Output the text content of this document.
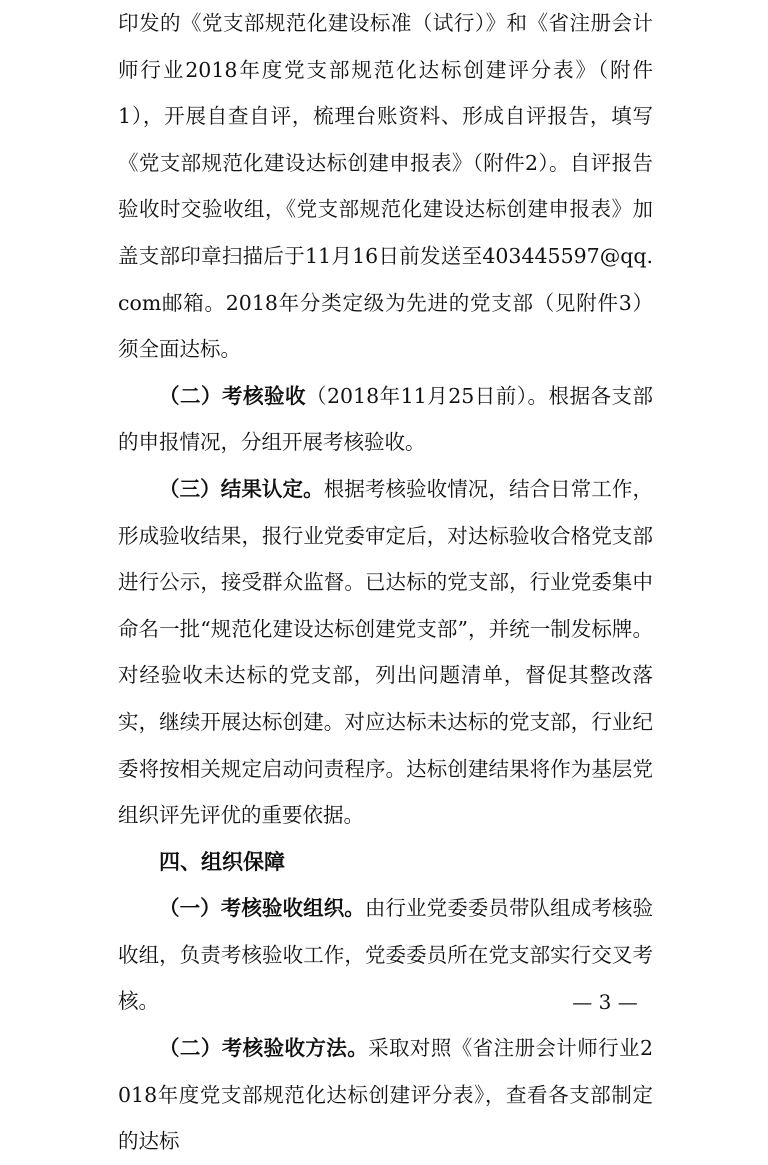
印发的《党支部规范化建设标准（试行）》和《省注册会计师行业2018年度党支部规范化达标创建评分表》（附件1），开展自查自评，梳理台账资料、形成自评报告，填写《党支部规范化建设达标创建申报表》（附件2）。自评报告验收时交验收组，《党支部规范化建设达标创建申报表》加盖支部印章扫描后于11月16日前发送至403445597@qq.com邮箱。2018年分类定级为先进的党支部（见附件3）须全面达标。

（二）考核验收（2018年11月25日前）。根据各支部的申报情况，分组开展考核验收。

（三）结果认定。根据考核验收情况，结合日常工作，形成验收结果，报行业党委审定后，对达标验收合格党支部进行公示，接受群众监督。已达标的党支部，行业党委集中命名一批“规范化建设达标创建党支部”，并统一制发标牌。对经验收未达标的党支部，列出问题清单，督促其整改落实，继续开展达标创建。对应达标未达标的党支部，行业纪委将按相关规定启动问责程序。达标创建结果将作为基层党组织评先评优的重要依据。

四、组织保障

（一）考核验收组织。由行业党委委员带队组成考核验收组，负责考核验收工作，党委委员所在党支部实行交叉考核。

（二）考核验收方法。采取对照《省注册会计师行业2018年度党支部规范化达标创建评分表》，查看各支部制定的达标

— 3 —
